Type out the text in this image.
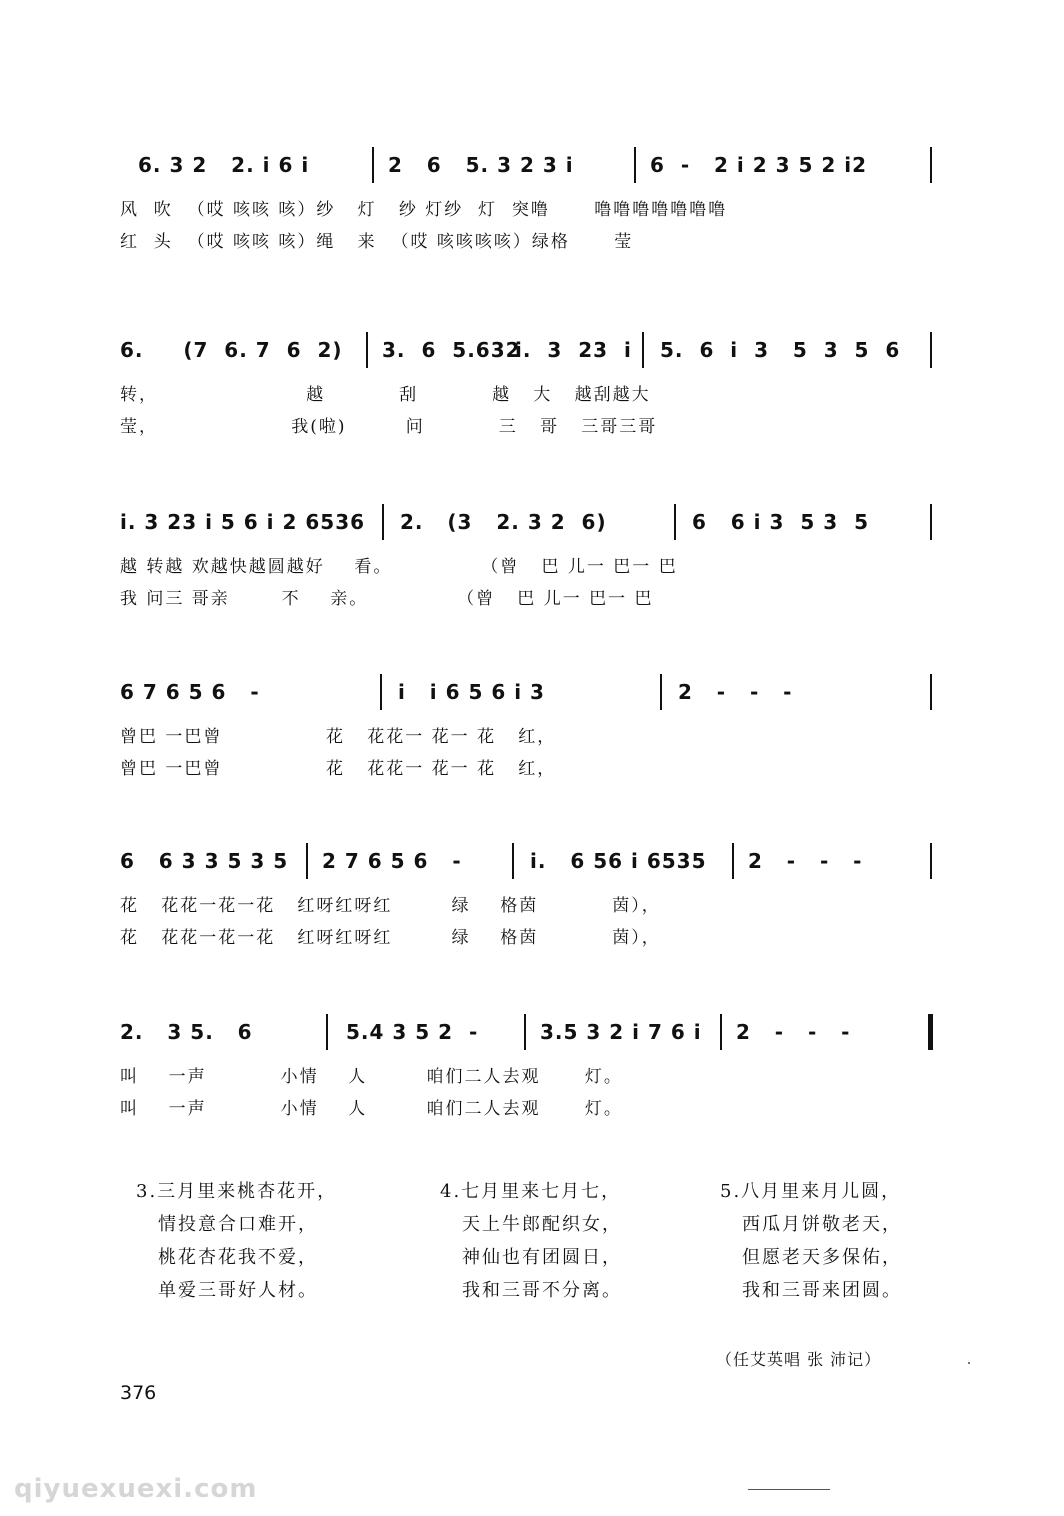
6. 3 2   2. i 6 i

	2   6   5. 3 2 3 i

	6  -   2 i 2 3 5 2 i2

风  吹  （哎 咳咳 咳）纱   灯   纱 灯纱  灯  突噜      噜噜噜噜噜噜噜
红  头  （哎 咳咳 咳）绳   来  （哎 咳咳咳咳）绿格      莹

6.     (7  6. 7  6  2)

	3.  6  5.632

i.  3  23  i

	5.  6  i  3   5  3  5  6

转，                    越          刮          越   大   越刮越大
莹，                  我(啦)        问          三   哥   三哥三哥

i. 3 23 i 5 6 i 2 6536

	2.   (3   2. 3 2  6)

	6   6 i 3  5 3  5

越 转越 欢越快越圆越好    看。            （曾   巴 儿一 巴一 巴
我 问三 哥亲       不    亲。            （曾   巴 儿一 巴一 巴

6 7 6 5 6   -

	i   i 6 5 6 i 3

	2   -   -   -

曾巴 一巴曾              花   花花一 花一 花   红，
曾巴 一巴曾              花   花花一 花一 花   红，

6   6 3 3 5 3 5

	2 7 6 5 6   -

	i.   6 56 i 6535

	2   -   -   -

花   花花一花一花   红呀红呀红        绿    格茵          茵），
花   花花一花一花   红呀红呀红        绿    格茵          茵），

2.   3 5.   6

	5.4 3 5 2  -

	3.5 3 2 i 7 6 i

	2   -   -   -

叫    一声          小情    人        咱们二人去观      灯。
叫    一声          小情    人        咱们二人去观      灯。
3.三月里来桃杏花开，
情投意合口难开，
桃花杏花我不爱，
单爱三哥好人材。
4.七月里来七月七，
天上牛郎配织女，
神仙也有团圆日，
我和三哥不分离。
5.八月里来月儿圆，
西瓜月饼敬老天，
但愿老天多保佑，
我和三哥来团圆。
（任艾英唱 张 沛记）
376
qiyuexuexi.com
